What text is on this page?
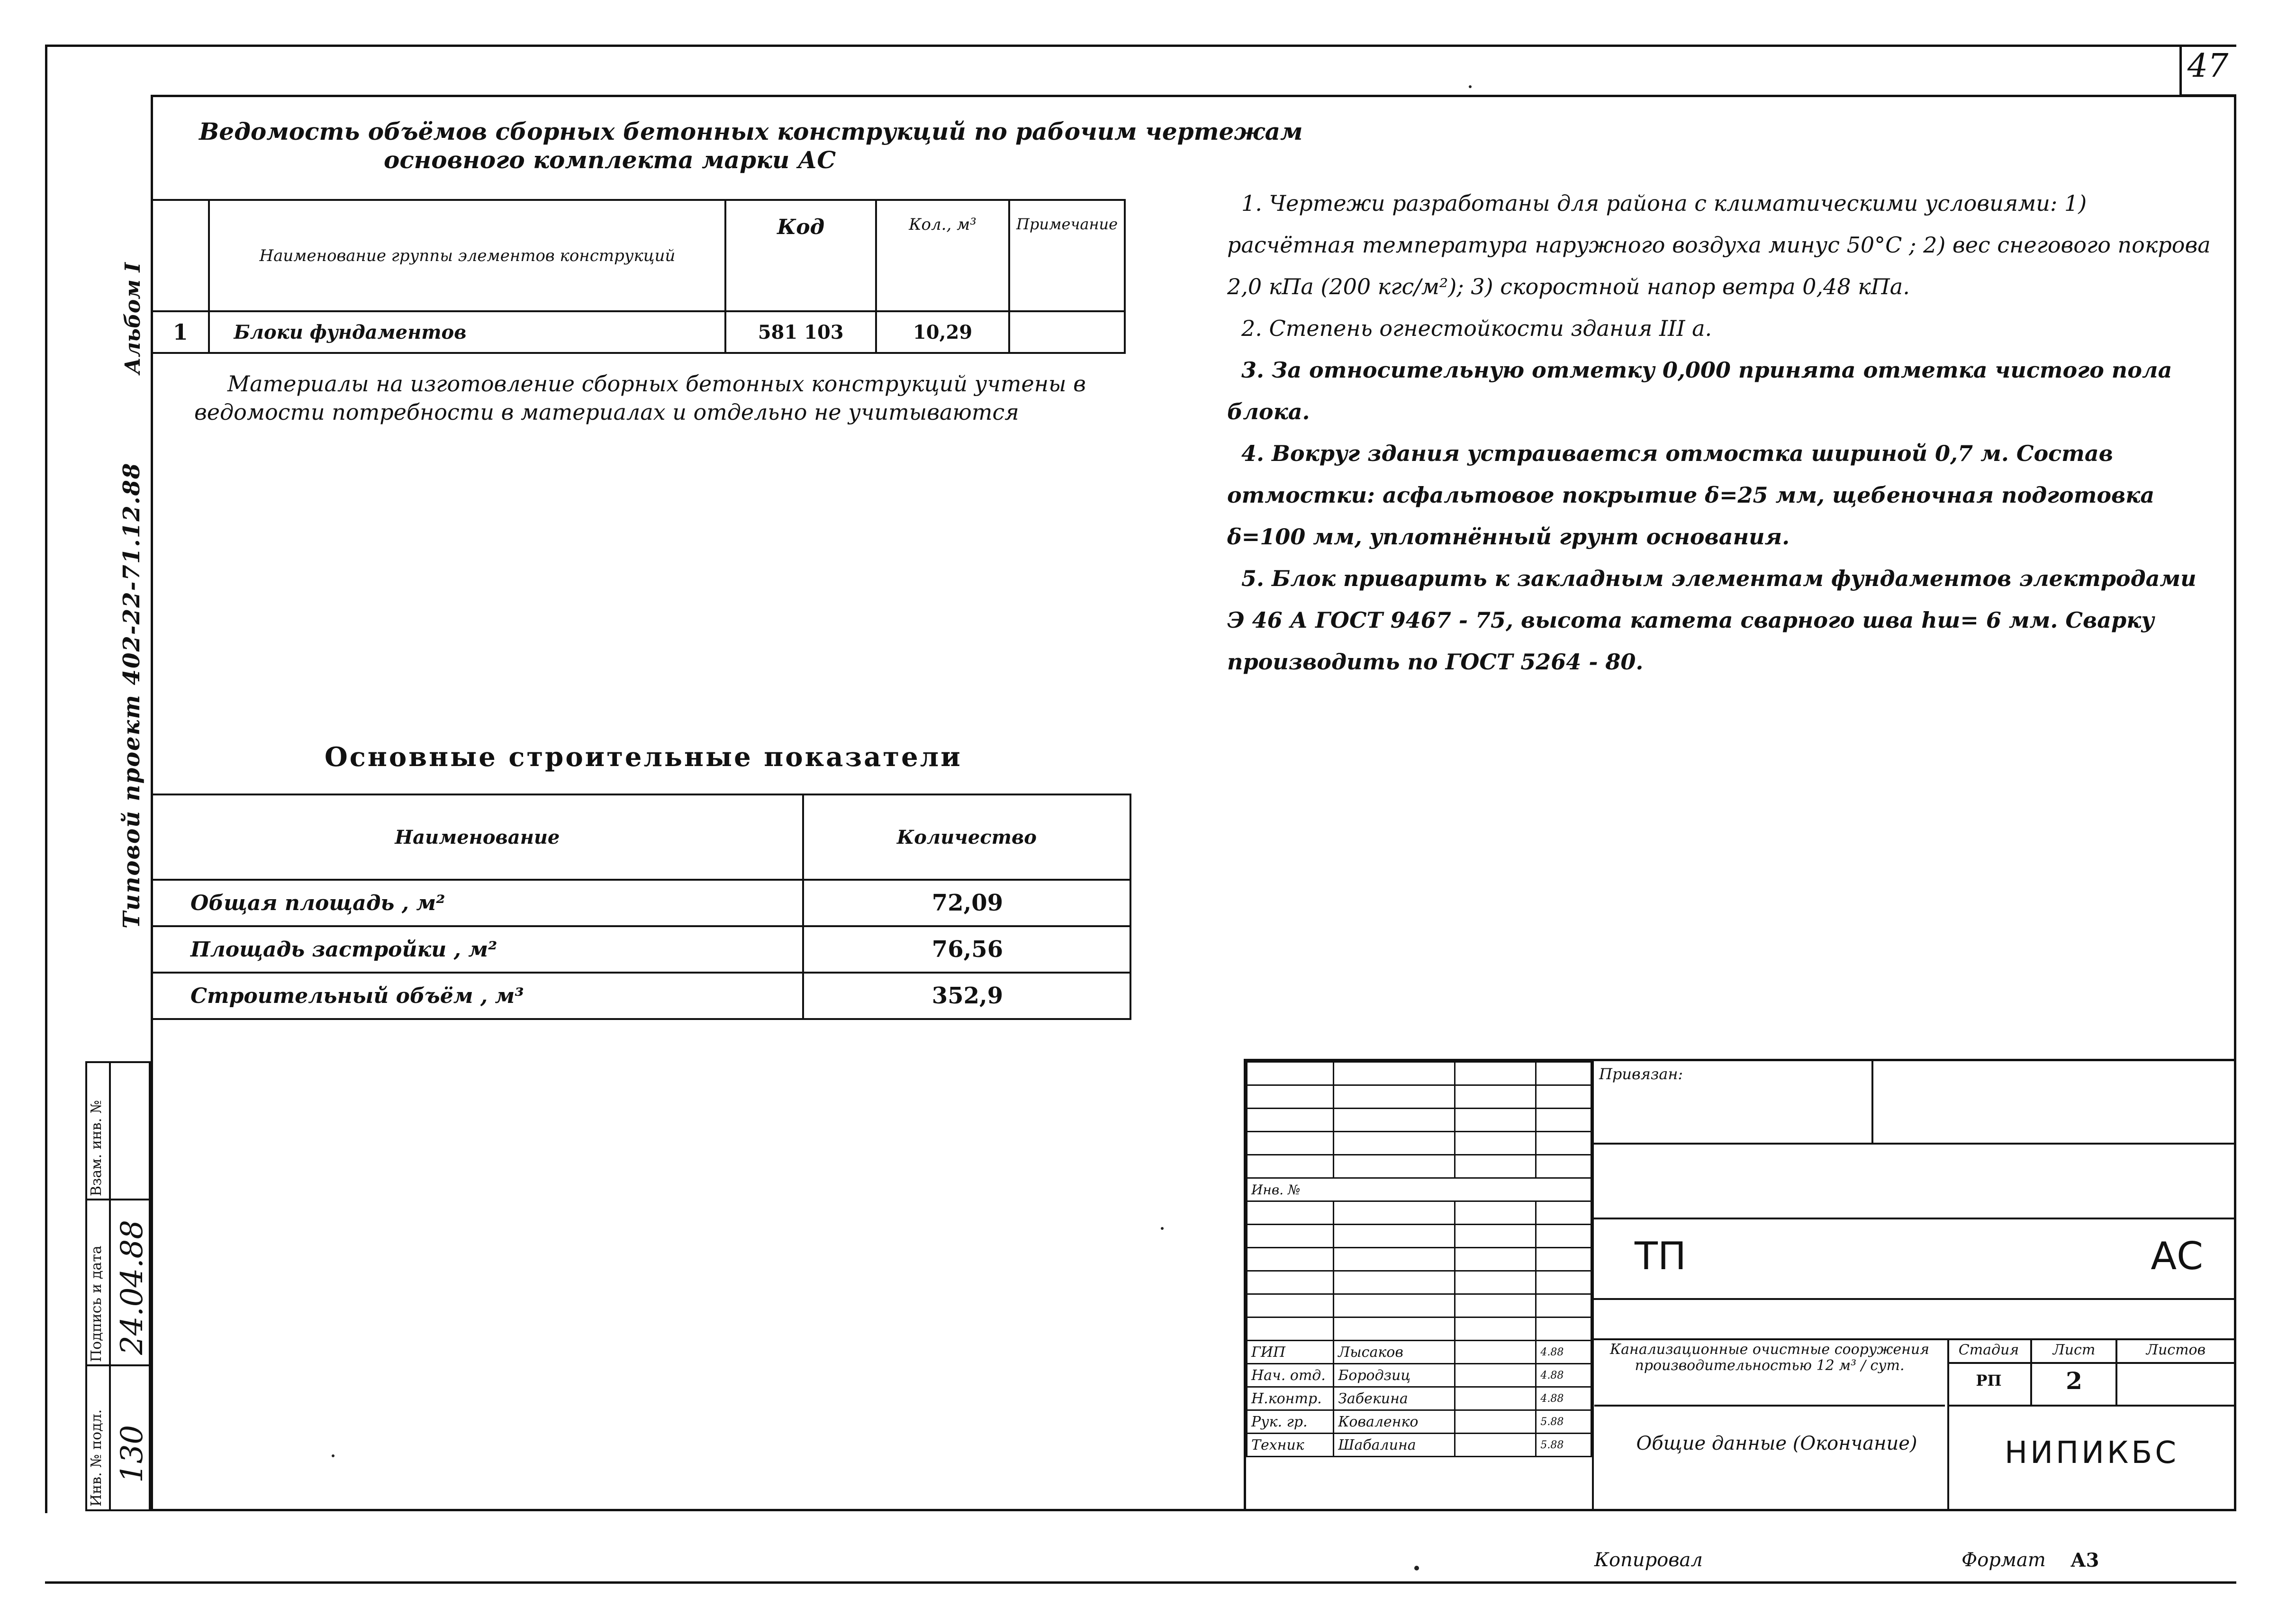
47
Альбом I
Типовой проект 402-22-71.12.88
Взам. инв. №
Подпись и дата 24.04.88
Инв. № подл. 130
Ведомость объёмов сборных бетонных конструкций по рабочим чертежам
основного комплекта марки АС
	Наименование группы элементов конструкций	Код	Кол., м³	Примечание
1	Блоки фундаментов	581 103	10,29	
Материалы на изготовление сборных бетонных конструкций учтены в ведомости потребности в материалах и отдельно не учитываются
1. Чертежи разработаны для района с климатическими условиями: 1) расчётная температура наружного воздуха минус 50°C ; 2) вес снегового покрова 2,0 кПа (200 кгс/м²); 3) скоростной напор ветра 0,48 кПа.
2. Степень огнестойкости здания III а.
3. За относительную отметку 0,000 принята отметка чистого пола блока.
4. Вокруг здания устраивается отмостка шириной 0,7 м. Состав отмостки: асфальтовое покрытие δ=25 мм, щебеночная подготовка δ=100 мм, уплотнённый грунт основания.
5. Блок приварить к закладным элементам фундаментов электродами Э 46 А ГОСТ 9467 - 75, высота катета сварного шва hш= 6 мм. Сварку производить по ГОСТ 5264 - 80.
Основные строительные показатели
Наименование	Количество
Общая площадь , м²	72,09
Площадь застройки , м²	76,56
Строительный объём , м³	352,9

Инв. №			

ГИП	Лысаков		4.88
Нач. отд.	Бородзиц		4.88
Н.контр.	Забекина		4.88
Рук. гр.	Коваленко		5.88
Техник	Шабалина		5.88
Привязан:
ТП	АС
Канализационные очистные сооружения производительностью 12 м³ / сут.
Общие данные (Окончание)
Стадия	Лист	Листов
РП	2
НИПИКБС
Копировал	Формат А3
